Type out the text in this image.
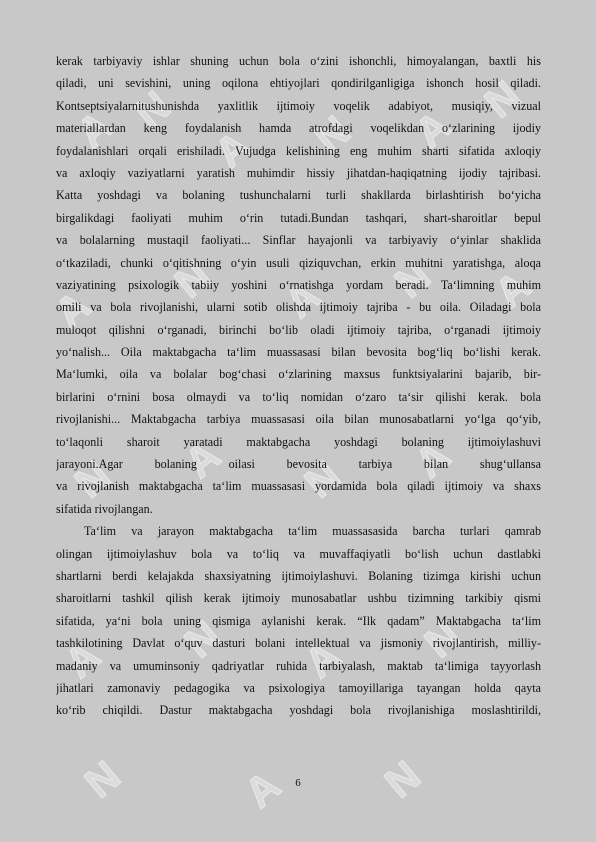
A N
A N A
N
A
N A N A
N A N A
A N A N
N	A N
kerak tarbiyaviy ishlar shuning uchun bola o‘zini ishonchli, himoyalangan, baxtli his
qiladi, uni sevishini, uning oqilona ehtiyojlari qondirilganligiga ishonch hosil qiladi.
Kontseptsiyalarnitushunishda yaxlitlik ijtimoiy voqelik adabiyot, musiqiy, vizual
materiallardan keng foydalanish hamda atrofdagi voqelikdan o‘zlarining ijodiy
foydalanishlari orqali erishiladi. Vujudga kelishining eng muhim sharti sifatida axloqiy
va axloqiy vaziyatlarni yaratish muhimdir hissiy jihatdan-haqiqatning ijodiy tajribasi.
Katta yoshdagi va bolaning tushunchalarni turli shakllarda birlashtirish bo‘yicha
birgalikdagi faoliyati muhim o‘rin tutadi.Bundan tashqari, shart-sharoitlar bepul
va bolalarning mustaqil faoliyati... Sinflar hayajonli va tarbiyaviy o‘yinlar shaklida
o‘tkaziladi, chunki o‘qitishning o‘yin usuli qiziquvchan, erkin muhitni yaratishga, aloqa
vaziyatining psixologik tabiiy yoshini o‘rnatishga yordam beradi. Ta‘limning muhim
omili va bola rivojlanishi, ularni sotib olishda ijtimoiy tajriba - bu oila. Oiladagi bola
muloqot qilishni o‘rganadi, birinchi bo‘lib oladi ijtimoiy tajriba, o‘rganadi ijtimoiy
yo‘nalish... Oila maktabgacha ta‘lim muassasasi bilan bevosita bog‘liq bo‘lishi kerak.
Ma‘lumki, oila va bolalar bog‘chasi o‘zlarining maxsus funktsiyalarini bajarib, bir-
birlarini o‘rnini bosa olmaydi va to‘liq nomidan o‘zaro ta‘sir qilishi kerak. bola
rivojlanishi... Maktabgacha tarbiya muassasasi oila bilan munosabatlarni yo‘lga qo‘yib,
to‘laqonli sharoit yaratadi maktabgacha yoshdagi bolaning ijtimoiylashuvi
jarayoni.Agar bolaning oilasi bevosita tarbiya bilan shug‘ullansa
va rivojlanish maktabgacha ta‘lim muassasasi yordamida bola qiladi ijtimoiy va shaxs
sifatida rivojlangan.
Ta‘lim va jarayon maktabgacha ta‘lim muassasasida barcha turlari qamrab
olingan ijtimoiylashuv bola va to‘liq va muvaffaqiyatli bo‘lish uchun dastlabki
shartlarni berdi kelajakda shaxsiyatning ijtimoiylashuvi. Bolaning tizimga kirishi uchun
sharoitlarni tashkil qilish kerak ijtimoiy munosabatlar ushbu tizimning tarkibiy qismi
sifatida, ya‘ni bola uning qismiga aylanishi kerak. “Ilk qadam” Maktabgacha ta‘lim
tashkilotining Davlat o‘quv dasturi bolani intellektual va jismoniy rivojlantirish, milliy-
madaniy va umuminsoniy qadriyatlar ruhida tarbiyalash, maktab ta‘limiga tayyorlash
jihatlari zamonaviy pedagogika va psixologiya tamoyillariga tayangan holda qayta
ko‘rib chiqildi. Dastur maktabgacha yoshdagi bola rivojlanishiga moslashtirildi,
6
